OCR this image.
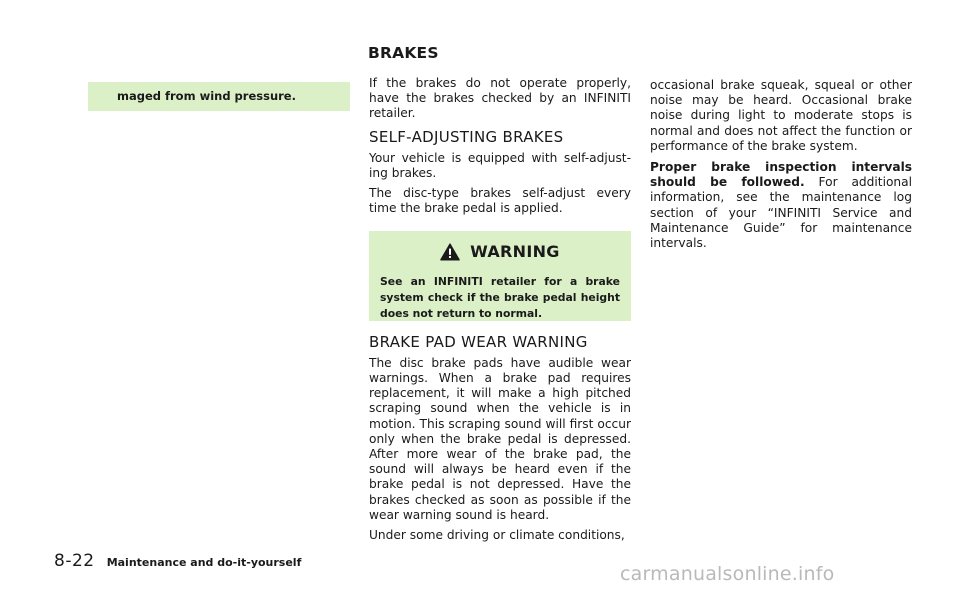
BRAKES
maged from wind pressure.

If the brakes do not operate properly, have the brakes checked by an INFINITI retailer.

SELF-ADJUSTING BRAKES

Your vehicle is equipped with self-adjust-ing brakes.

The disc-type brakes self-adjust every time the brake pedal is applied.

WARNING
See an INFINITI retailer for a brake system check if the brake pedal height does not return to normal.
BRAKE PAD WEAR WARNING

The disc brake pads have audible wear warnings. When a brake pad requires replacement, it will make a high pitched scraping sound when the vehicle is in motion. This scraping sound will first occur only when the brake pedal is depressed. After more wear of the brake pad, the sound will always be heard even if the brake pedal is not depressed. Have the brakes checked as soon as possible if the wear warning sound is heard.

Under some driving or climate conditions,

occasional brake squeak, squeal or other noise may be heard. Occasional brake noise during light to moderate stops is normal and does not affect the function or performance of the brake system.

Proper brake inspection intervals should be followed. For additional information, see the maintenance log section of your “INFINITI Service and Maintenance Guide” for maintenance intervals.

8-22 Maintenance and do-it-yourself
carmanualsonline.info
